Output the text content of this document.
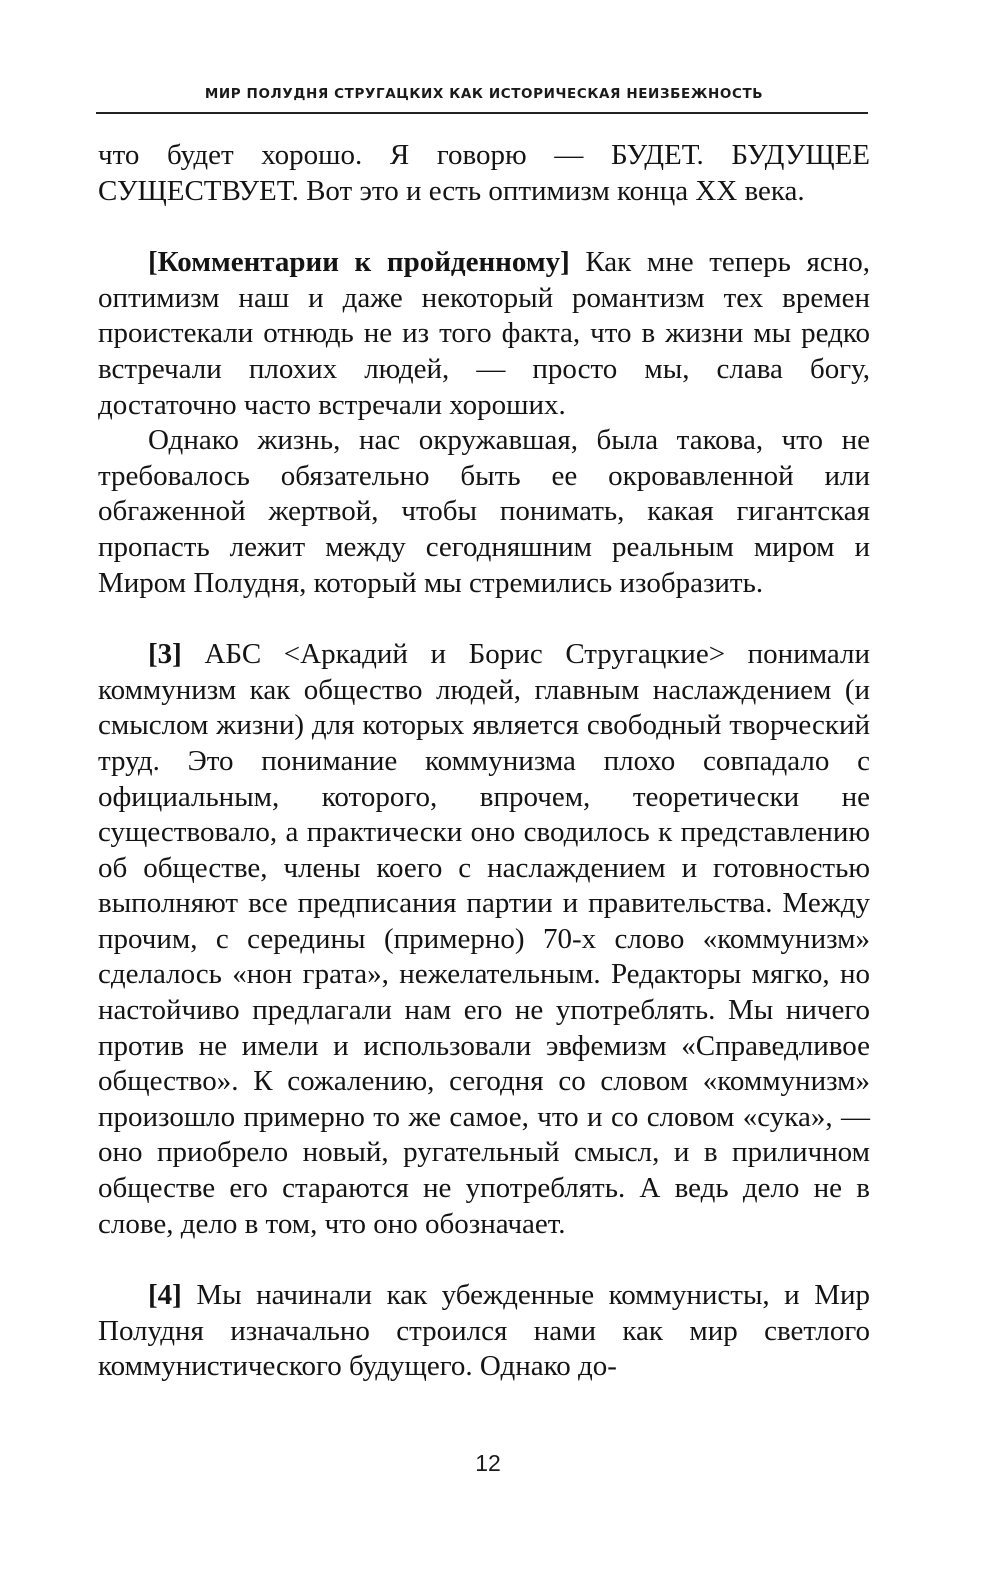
МИР ПОЛУДНЯ СТРУГАЦКИХ КАК ИСТОРИЧЕСКАЯ НЕИЗБЕЖНОСТЬ

что будет хорошо. Я говорю — БУДЕТ. БУДУЩЕЕ СУЩЕСТВУЕТ. Вот это и есть оптимизм конца XX века.

[Комментарии к пройденному] Как мне теперь ясно, оптимизм наш и даже некоторый романтизм тех времен проистекали отнюдь не из того факта, что в жизни мы редко встречали плохих людей, — просто мы, слава богу, достаточно часто встречали хороших.

Однако жизнь, нас окружавшая, была такова, что не требовалось обязательно быть ее окровавленной или обгаженной жертвой, чтобы понимать, какая гигантская пропасть лежит между сегодняшним реальным миром и Миром Полудня, который мы стремились изобразить.

[3] АБС <Аркадий и Борис Стругацкие> понимали коммунизм как общество людей, главным наслаждением (и смыслом жизни) для которых является свободный творческий труд. Это понимание коммунизма плохо совпадало с официальным, которого, впрочем, теоретически не существовало, а практически оно сводилось к представлению об обществе, члены коего с наслаждением и готовностью выполняют все предписания партии и правительства. Между прочим, с середины (примерно) 70-х слово «коммунизм» сделалось «нон грата», нежелательным. Редакторы мягко, но настойчиво предлагали нам его не употреблять. Мы ничего против не имели и использовали эвфемизм «Справедливое общество». К сожалению, сегодня со словом «коммунизм» произошло примерно то же самое, что и со словом «сука», — оно приобрело новый, ругательный смысл, и в приличном обществе его стараются не употреблять. А ведь дело не в слове, дело в том, что оно обозначает.

[4] Мы начинали как убежденные коммунисты, и Мир Полудня изначально строился нами как мир светлого коммунистического будущего. Однако до-

12
